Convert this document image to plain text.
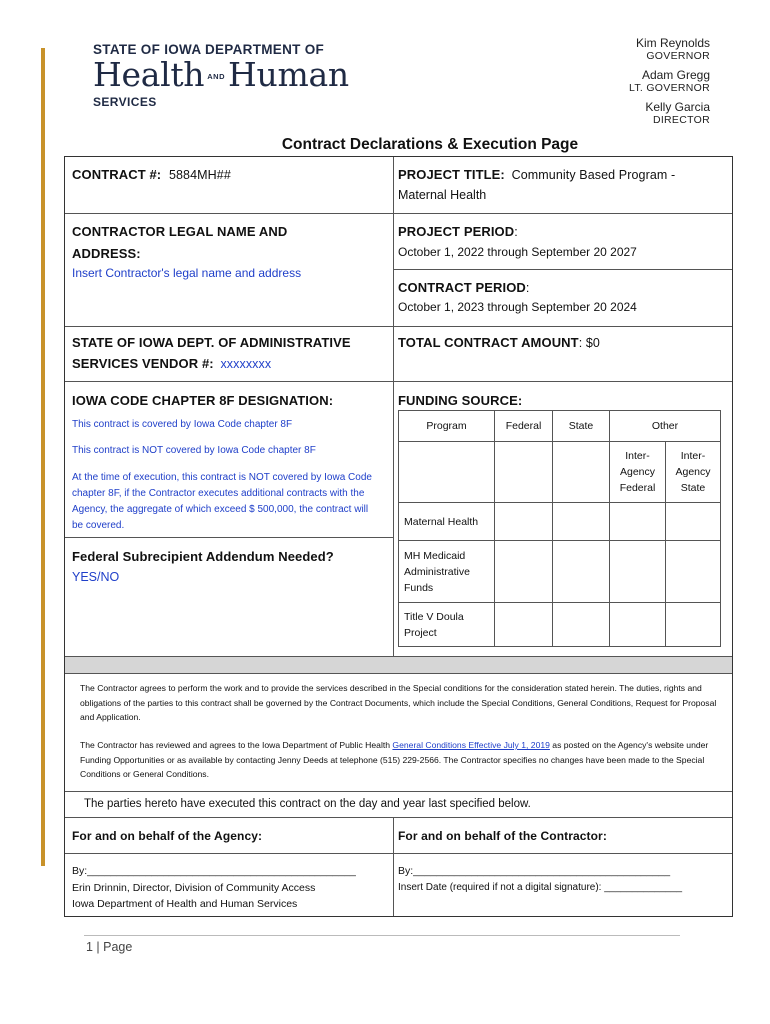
STATE OF IOWA DEPARTMENT OF
Health ANDHuman
SERVICES
Kim Reynolds
GOVERNOR
Adam Gregg
LT. GOVERNOR
Kelly Garcia
DIRECTOR
Contract Declarations & Execution Page
CONTRACT #: 5884MH##	PROJECT TITLE: Community Based Program -
Maternal Health
CONTRACTOR LEGAL NAME AND
ADDRESS:
Insert Contractor's legal name and address
PROJECT PERIOD:
October 1, 2022 through September 20 2027
CONTRACT PERIOD:
October 1, 2023 through September 20 2024
STATE OF IOWA DEPT. OF ADMINISTRATIVE
SERVICES VENDOR #: xxxxxxxx
TOTAL CONTRACT AMOUNT: $0
IOWA CODE CHAPTER 8F DESIGNATION:
This contract is covered by Iowa Code chapter 8F
This contract is NOT covered by Iowa Code chapter 8F
At the time of execution, this contract is NOT covered by Iowa Code chapter 8F, if the Contractor executes additional contracts with the Agency, the aggregate of which exceed $ 500,000, the contract will be covered.
Federal Subrecipient Addendum Needed?
YES/NO
FUNDING SOURCE:
Program	Federal	State	Other	
			Inter-Agency Federal	Inter-Agency State
Maternal Health				
MH Medicaid Administrative Funds				
Title V Doula Project				
The Contractor agrees to perform the work and to provide the services described in the Special conditions for the consideration stated herein. The duties, rights and obligations of the parties to this contract shall be governed by the Contract Documents, which include the Special Conditions, General Conditions, Request for Proposal and Application.
The Contractor has reviewed and agrees to the Iowa Department of Public Health General Conditions Effective July 1, 2019 as posted on the Agency's website under Funding Opportunities or as available by contacting Jenny Deeds at telephone (515) 229-2566. The Contractor specifies no changes have been made to the Special Conditions or General Conditions.
The parties hereto have executed this contract on the day and year last specified below.
For and on behalf of the Agency:	For and on behalf of the Contractor:
By:______________________________________________
Erin Drinnin, Director, Division of Community Access
Iowa Department of Health and Human Services
By:____________________________________________
Insert Date (required if not a digital signature): ______________
1 | Page
